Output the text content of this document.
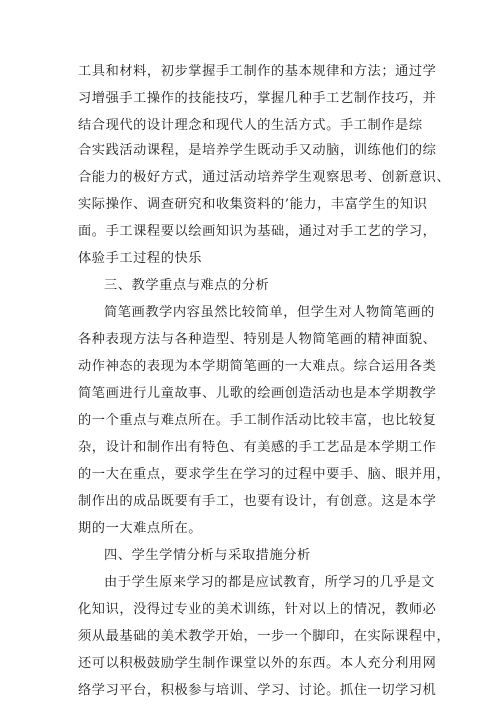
工具和材料，初步掌握手工制作的基本规律和方法；通过学
习增强手工操作的技能技巧，掌握几种手工艺制作技巧，并
结合现代的设计理念和现代人的生活方式。手工制作是综
合实践活动课程，是培养学生既动手又动脑，训练他们的综
合能力的极好方式，通过活动培养学生观察思考、创新意识、
实际操作、调查研究和收集资料的’能力，丰富学生的知识
面。手工课程要以绘画知识为基础，通过对手工艺的学习，
体验手工过程的快乐
三、教学重点与难点的分析
简笔画教学内容虽然比较简单，但学生对人物简笔画的
各种表现方法与各种造型、特别是人物简笔画的精神面貌、
动作神态的表现为本学期简笔画的一大难点。综合运用各类
简笔画进行儿童故事、儿歌的绘画创造活动也是本学期教学
的一个重点与难点所在。手工制作活动比较丰富，也比较复
杂，设计和制作出有特色、有美感的手工艺品是本学期工作
的一大在重点，要求学生在学习的过程中要手、脑、眼并用，
制作出的成品既要有手工，也要有设计，有创意。这是本学
期的一大难点所在。
四、学生学情分析与采取措施分析
由于学生原来学习的都是应试教育，所学习的几乎是文
化知识，没得过专业的美术训练，针对以上的情况，教师必
须从最基础的美术教学开始，一步一个脚印，在实际课程中，
还可以积极鼓励学生制作课堂以外的东西。本人充分利用网
络学习平台，积极参与培训、学习、讨论。抓住一切学习机
